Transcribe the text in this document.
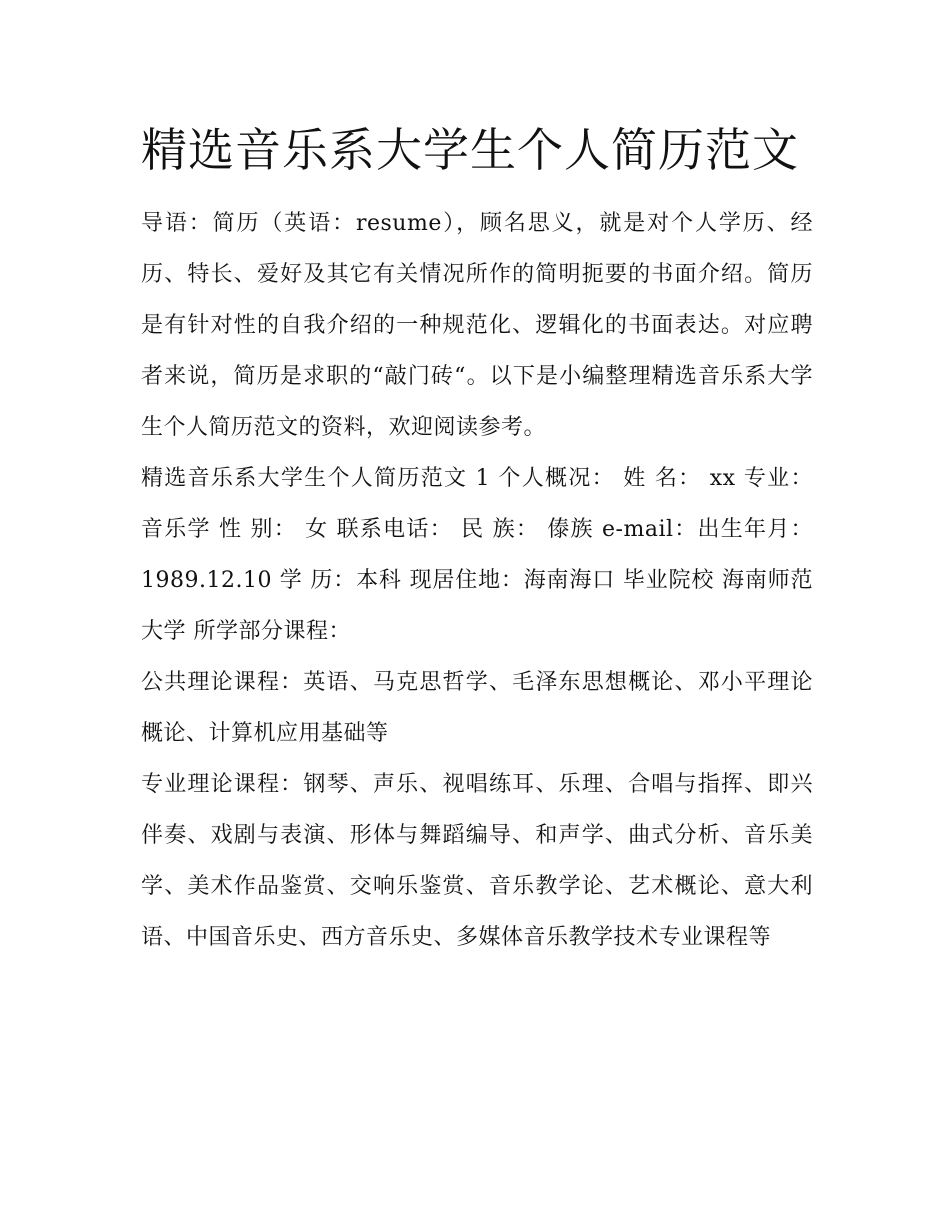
精选音乐系大学生个人简历范文

导语：简历（英语：resume），顾名思义，就是对个人学历、经历、特长、爱好及其它有关情况所作的简明扼要的书面介绍。简历是有针对性的自我介绍的一种规范化、逻辑化的书面表达。对应聘者来说，简历是求职的“敲门砖“。以下是小编整理精选音乐系大学生个人简历范文的资料，欢迎阅读参考。

精选音乐系大学生个人简历范文 1 个人概况： 姓 名： xx 专业： 音乐学 性 别： 女 联系电话： 民 族： 傣族 e-mail：出生年月：1989.12.10 学 历：本科 现居住地：海南海口 毕业院校 海南师范大学 所学部分课程：

公共理论课程：英语、马克思哲学、毛泽东思想概论、邓小平理论概论、计算机应用基础等

专业理论课程：钢琴、声乐、视唱练耳、乐理、合唱与指挥、即兴伴奏、戏剧与表演、形体与舞蹈编导、和声学、曲式分析、音乐美学、美术作品鉴赏、交响乐鉴赏、音乐教学论、艺术概论、意大利语、中国音乐史、西方音乐史、多媒体音乐教学技术专业课程等
